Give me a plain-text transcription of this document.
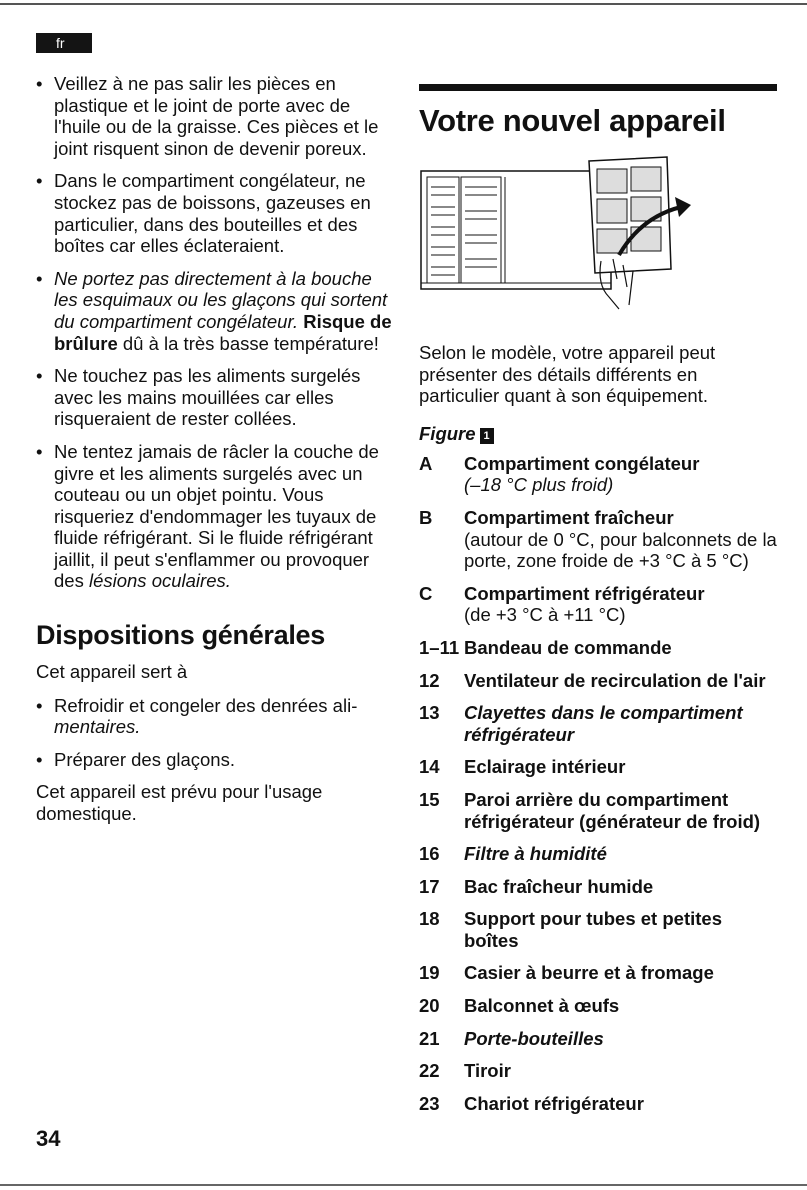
fr
• Veillez à ne pas salir les pièces en plastique et le joint de porte avec de l'huile ou de la graisse. Ces pièces et le joint risquent sinon de devenir poreux.
• Dans le compartiment congélateur, ne stockez pas de boissons, gazeuses en particulier, dans des bouteilles et des boîtes car elles éclateraient.
• Ne portez pas directement à la bouche les esquimaux ou les glaçons qui sortent du compartiment congélateur. Risque de brûlure dû à la très basse température!
• Ne touchez pas les aliments surgelés avec les mains mouillées car elles risqueraient de rester collées.
• Ne tentez jamais de râcler la couche de givre et les aliments surgelés avec un couteau ou un objet pointu. Vous risqueriez d'endommager les tuyaux de fluide réfrigérant. Si le fluide réfrigérant jaillit, il peut s'enflammer ou provoquer des lésions oculaires.
Dispositions générales

Cet appareil sert à

• Refroidir et congeler des denrées ali-
mentaires.
• Préparer des glaçons.

Cet appareil est prévu pour l'usage domestique.

Votre nouvel appareil

Selon le modèle, votre appareil peut présenter des détails différents en particulier quant à son équipement.

Figure 1
A	Compartiment congélateur
(–18 °C plus froid)
B	Compartiment fraîcheur
(autour de 0 °C, pour balconnets de la porte, zone froide de +3 °C à 5 °C)
C	Compartiment réfrigérateur
(de +3 °C à +11 °C)
1–11 Bandeau de commande
12	Ventilateur de recirculation de l'air
13	Clayettes dans le compartiment réfrigérateur
14	Eclairage intérieur
15	Paroi arrière du compartiment réfrigérateur (générateur de froid)
16	Filtre à humidité
17	Bac fraîcheur humide
18	Support pour tubes et petites boîtes
19	Casier à beurre et à fromage
20	Balconnet à œufs
21	Porte-bouteilles
22	Tiroir
23	Chariot réfrigérateur
34
